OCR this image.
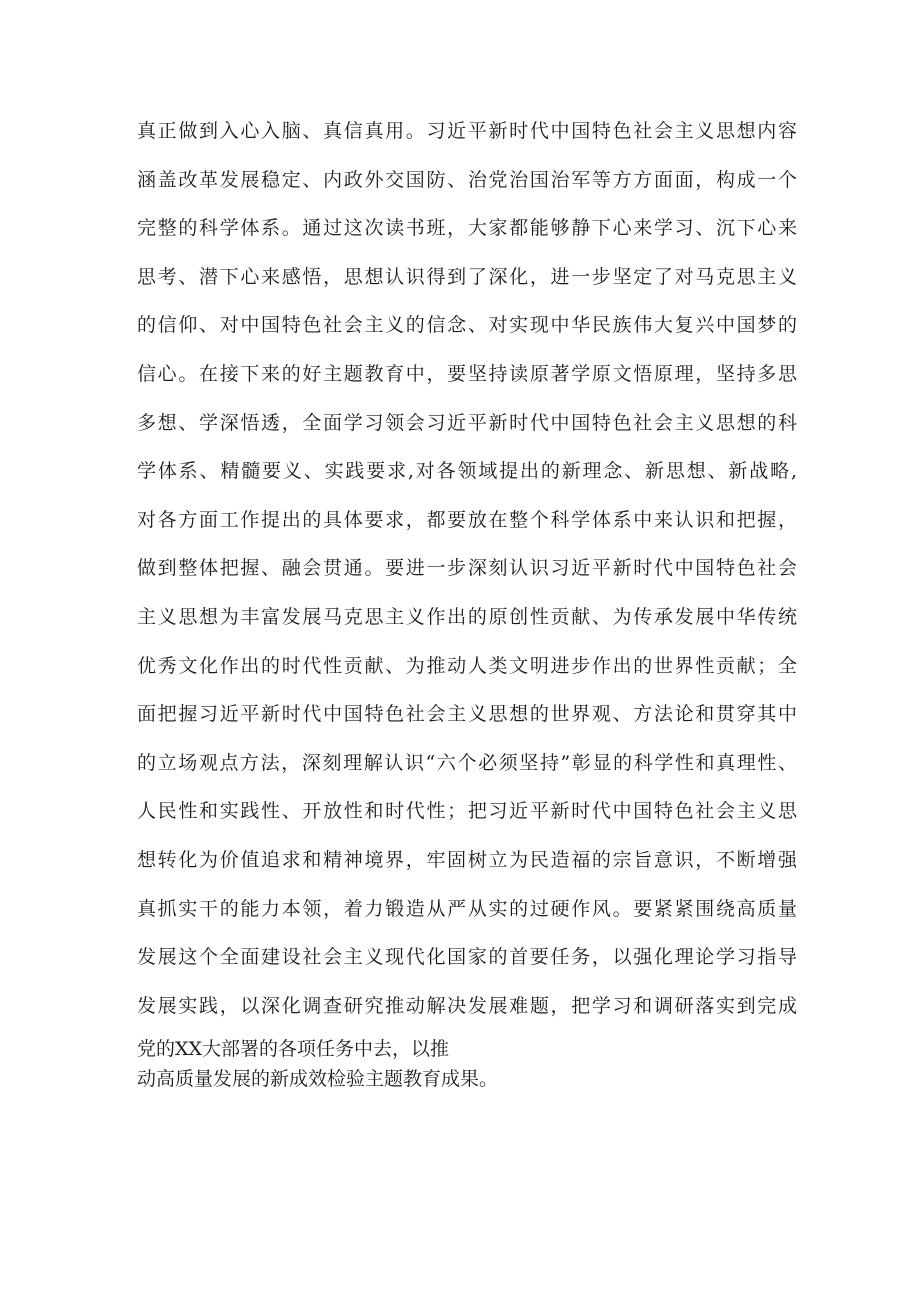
真正做到入心入脑、真信真用。习近平新时代中国特色社会主义思想内容
涵盖改革发展稳定、内政外交国防、治党治国治军等方方面面，构成一个
完整的科学体系。通过这次读书班，大家都能够静下心来学习、沉下心来
思考、潜下心来感悟，思想认识得到了深化，进一步坚定了对马克思主义
的信仰、对中国特色社会主义的信念、对实现中华民族伟大复兴中国梦的
信心。在接下来的好主题教育中，要坚持读原著学原文悟原理，坚持多思
多想、学深悟透，全面学习领会习近平新时代中国特色社会主义思想的科
学体系、精髓要义、实践要求,对各领域提出的新理念、新思想、新战略,
对各方面工作提出的具体要求，都要放在整个科学体系中来认识和把握，
做到整体把握、融会贯通。要进一步深刻认识习近平新时代中国特色社会
主义思想为丰富发展马克思主义作出的原创性贡献、为传承发展中华传统
优秀文化作出的时代性贡献、为推动人类文明进步作出的世界性贡献；全
面把握习近平新时代中国特色社会主义思想的世界观、方法论和贯穿其中
的立场观点方法，深刻理解认识“六个必须坚持”彰显的科学性和真理性、
人民性和实践性、开放性和时代性；把习近平新时代中国特色社会主义思
想转化为价值追求和精神境界，牢固树立为民造福的宗旨意识，不断增强
真抓实干的能力本领，着力锻造从严从实的过硬作风。要紧紧围绕高质量
发展这个全面建设社会主义现代化国家的首要任务，以强化理论学习指导
发展实践，以深化调查研究推动解决发展难题，把学习和调研落实到完成
党的XX大部署的各项任务中去，以推
动高质量发展的新成效检验主题教育成果。
